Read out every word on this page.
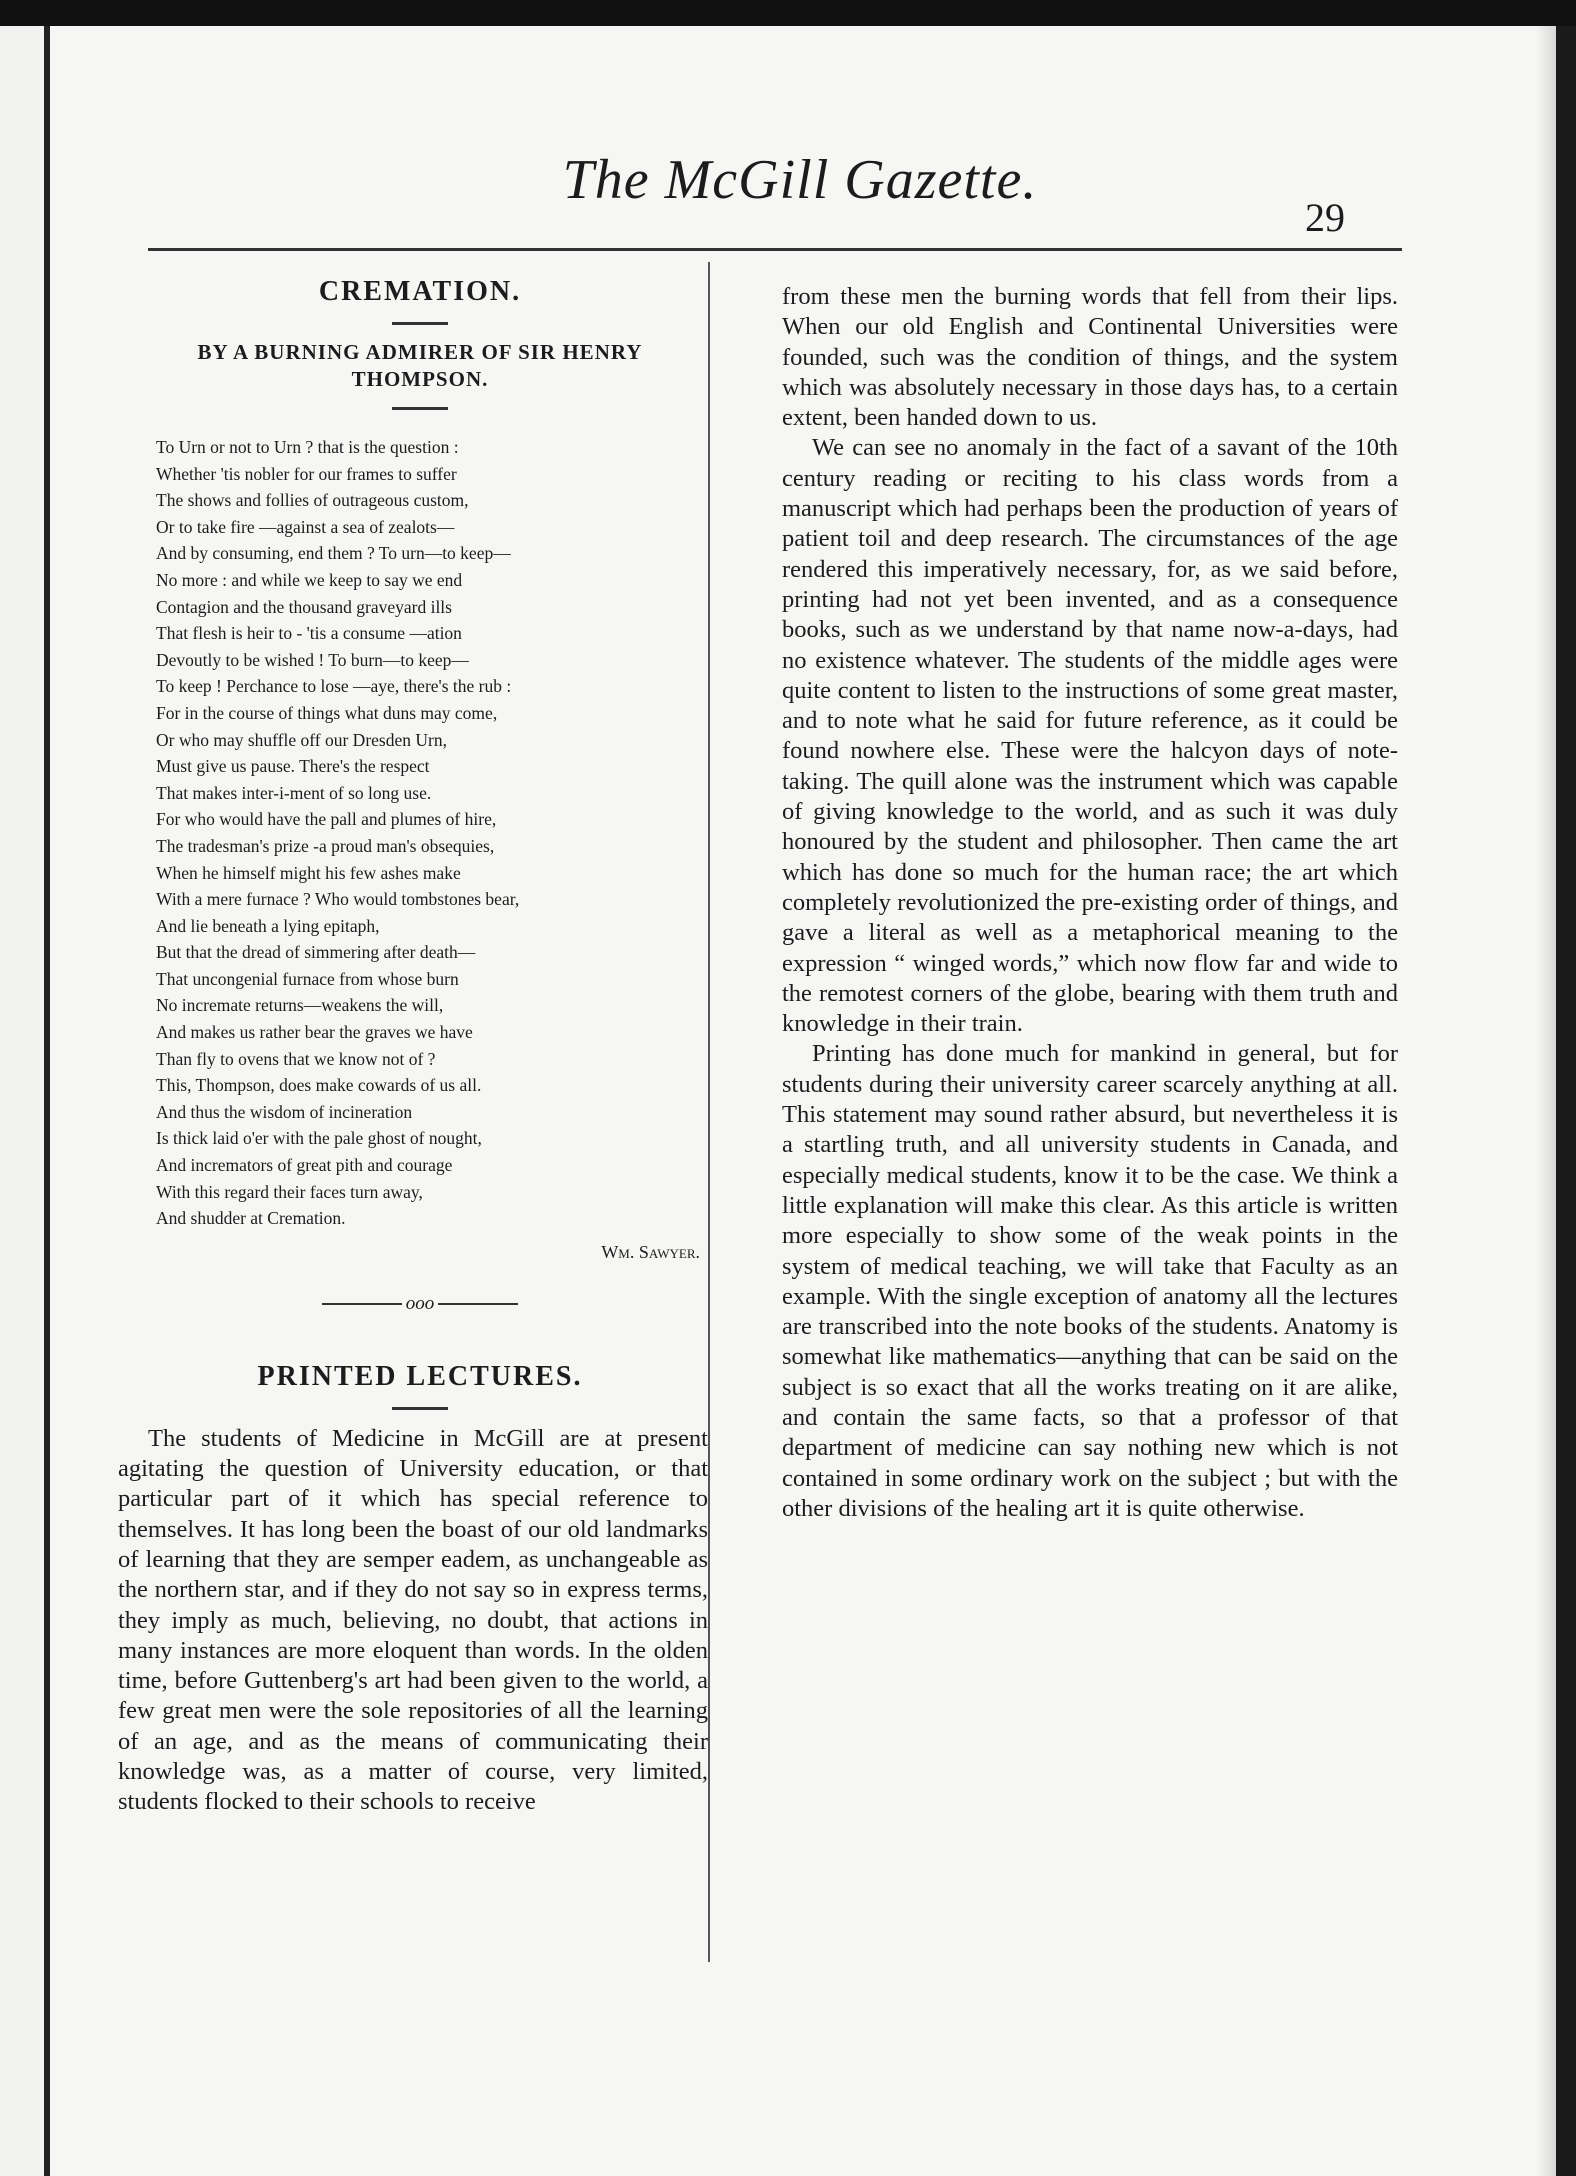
The McGill Gazette.
29
CREMATION.

BY A BURNING ADMIRER OF SIR HENRY THOMPSON.

To Urn or not to Urn ? that is the question :
Whether 'tis nobler for our frames to suffer
The shows and follies of outrageous custom,
Or to take fire —against a sea of zealots—
And by consuming, end them ? To urn—to keep—
No more : and while we keep to say we end
Contagion and the thousand graveyard ills
That flesh is heir to - 'tis a consume —ation
Devoutly to be wished ! To burn—to keep—
To keep ! Perchance to lose —aye, there's the rub :
For in the course of things what duns may come,
Or who may shuffle off our Dresden Urn,
Must give us pause. There's the respect
That makes inter-i-ment of so long use.
For who would have the pall and plumes of hire,
The tradesman's prize -a proud man's obsequies,
When he himself might his few ashes make
With a mere furnace ? Who would tombstones bear,
And lie beneath a lying epitaph,
But that the dread of simmering after death—
That uncongenial furnace from whose burn
No incremate returns—weakens the will,
And makes us rather bear the graves we have
Than fly to ovens that we know not of ?
This, Thompson, does make cowards of us all.
And thus the wisdom of incineration
Is thick laid o'er with the pale ghost of nought,
And incremators of great pith and courage
With this regard their faces turn away,
And shudder at Cremation.

Wm. Sawyer.

ooo
PRINTED LECTURES.

The students of Medicine in McGill are at present agitating the question of University education, or that particular part of it which has special reference to themselves. It has long been the boast of our old landmarks of learning that they are semper eadem, as unchangeable as the northern star, and if they do not say so in express terms, they imply as much, believing, no doubt, that actions in many instances are more eloquent than words. In the olden time, before Guttenberg's art had been given to the world, a few great men were the sole repositories of all the learning of an age, and as the means of communicating their knowledge was, as a matter of course, very limited, students flocked to their schools to receive

from these men the burning words that fell from their lips. When our old English and Continental Universities were founded, such was the condition of things, and the system which was absolutely necessary in those days has, to a certain extent, been handed down to us.

We can see no anomaly in the fact of a savant of the 10th century reading or reciting to his class words from a manuscript which had perhaps been the production of years of patient toil and deep research. The circumstances of the age rendered this imperatively necessary, for, as we said before, printing had not yet been invented, and as a consequence books, such as we understand by that name now-a-days, had no existence whatever. The students of the middle ages were quite content to listen to the instructions of some great master, and to note what he said for future reference, as it could be found nowhere else. These were the halcyon days of note-taking. The quill alone was the instrument which was capable of giving knowledge to the world, and as such it was duly honoured by the student and philosopher. Then came the art which has done so much for the human race; the art which completely revolutionized the pre-existing order of things, and gave a literal as well as a metaphorical meaning to the expression “ winged words,” which now flow far and wide to the remotest corners of the globe, bearing with them truth and knowledge in their train.

Printing has done much for mankind in general, but for students during their university career scarcely anything at all. This statement may sound rather absurd, but nevertheless it is a startling truth, and all university students in Canada, and especially medical students, know it to be the case. We think a little explanation will make this clear. As this article is written more especially to show some of the weak points in the system of medical teaching, we will take that Faculty as an example. With the single exception of anatomy all the lectures are transcribed into the note books of the students. Anatomy is somewhat like mathematics—anything that can be said on the subject is so exact that all the works treating on it are alike, and contain the same facts, so that a professor of that department of medicine can say nothing new which is not contained in some ordinary work on the subject ; but with the other divisions of the healing art it is quite otherwise.
